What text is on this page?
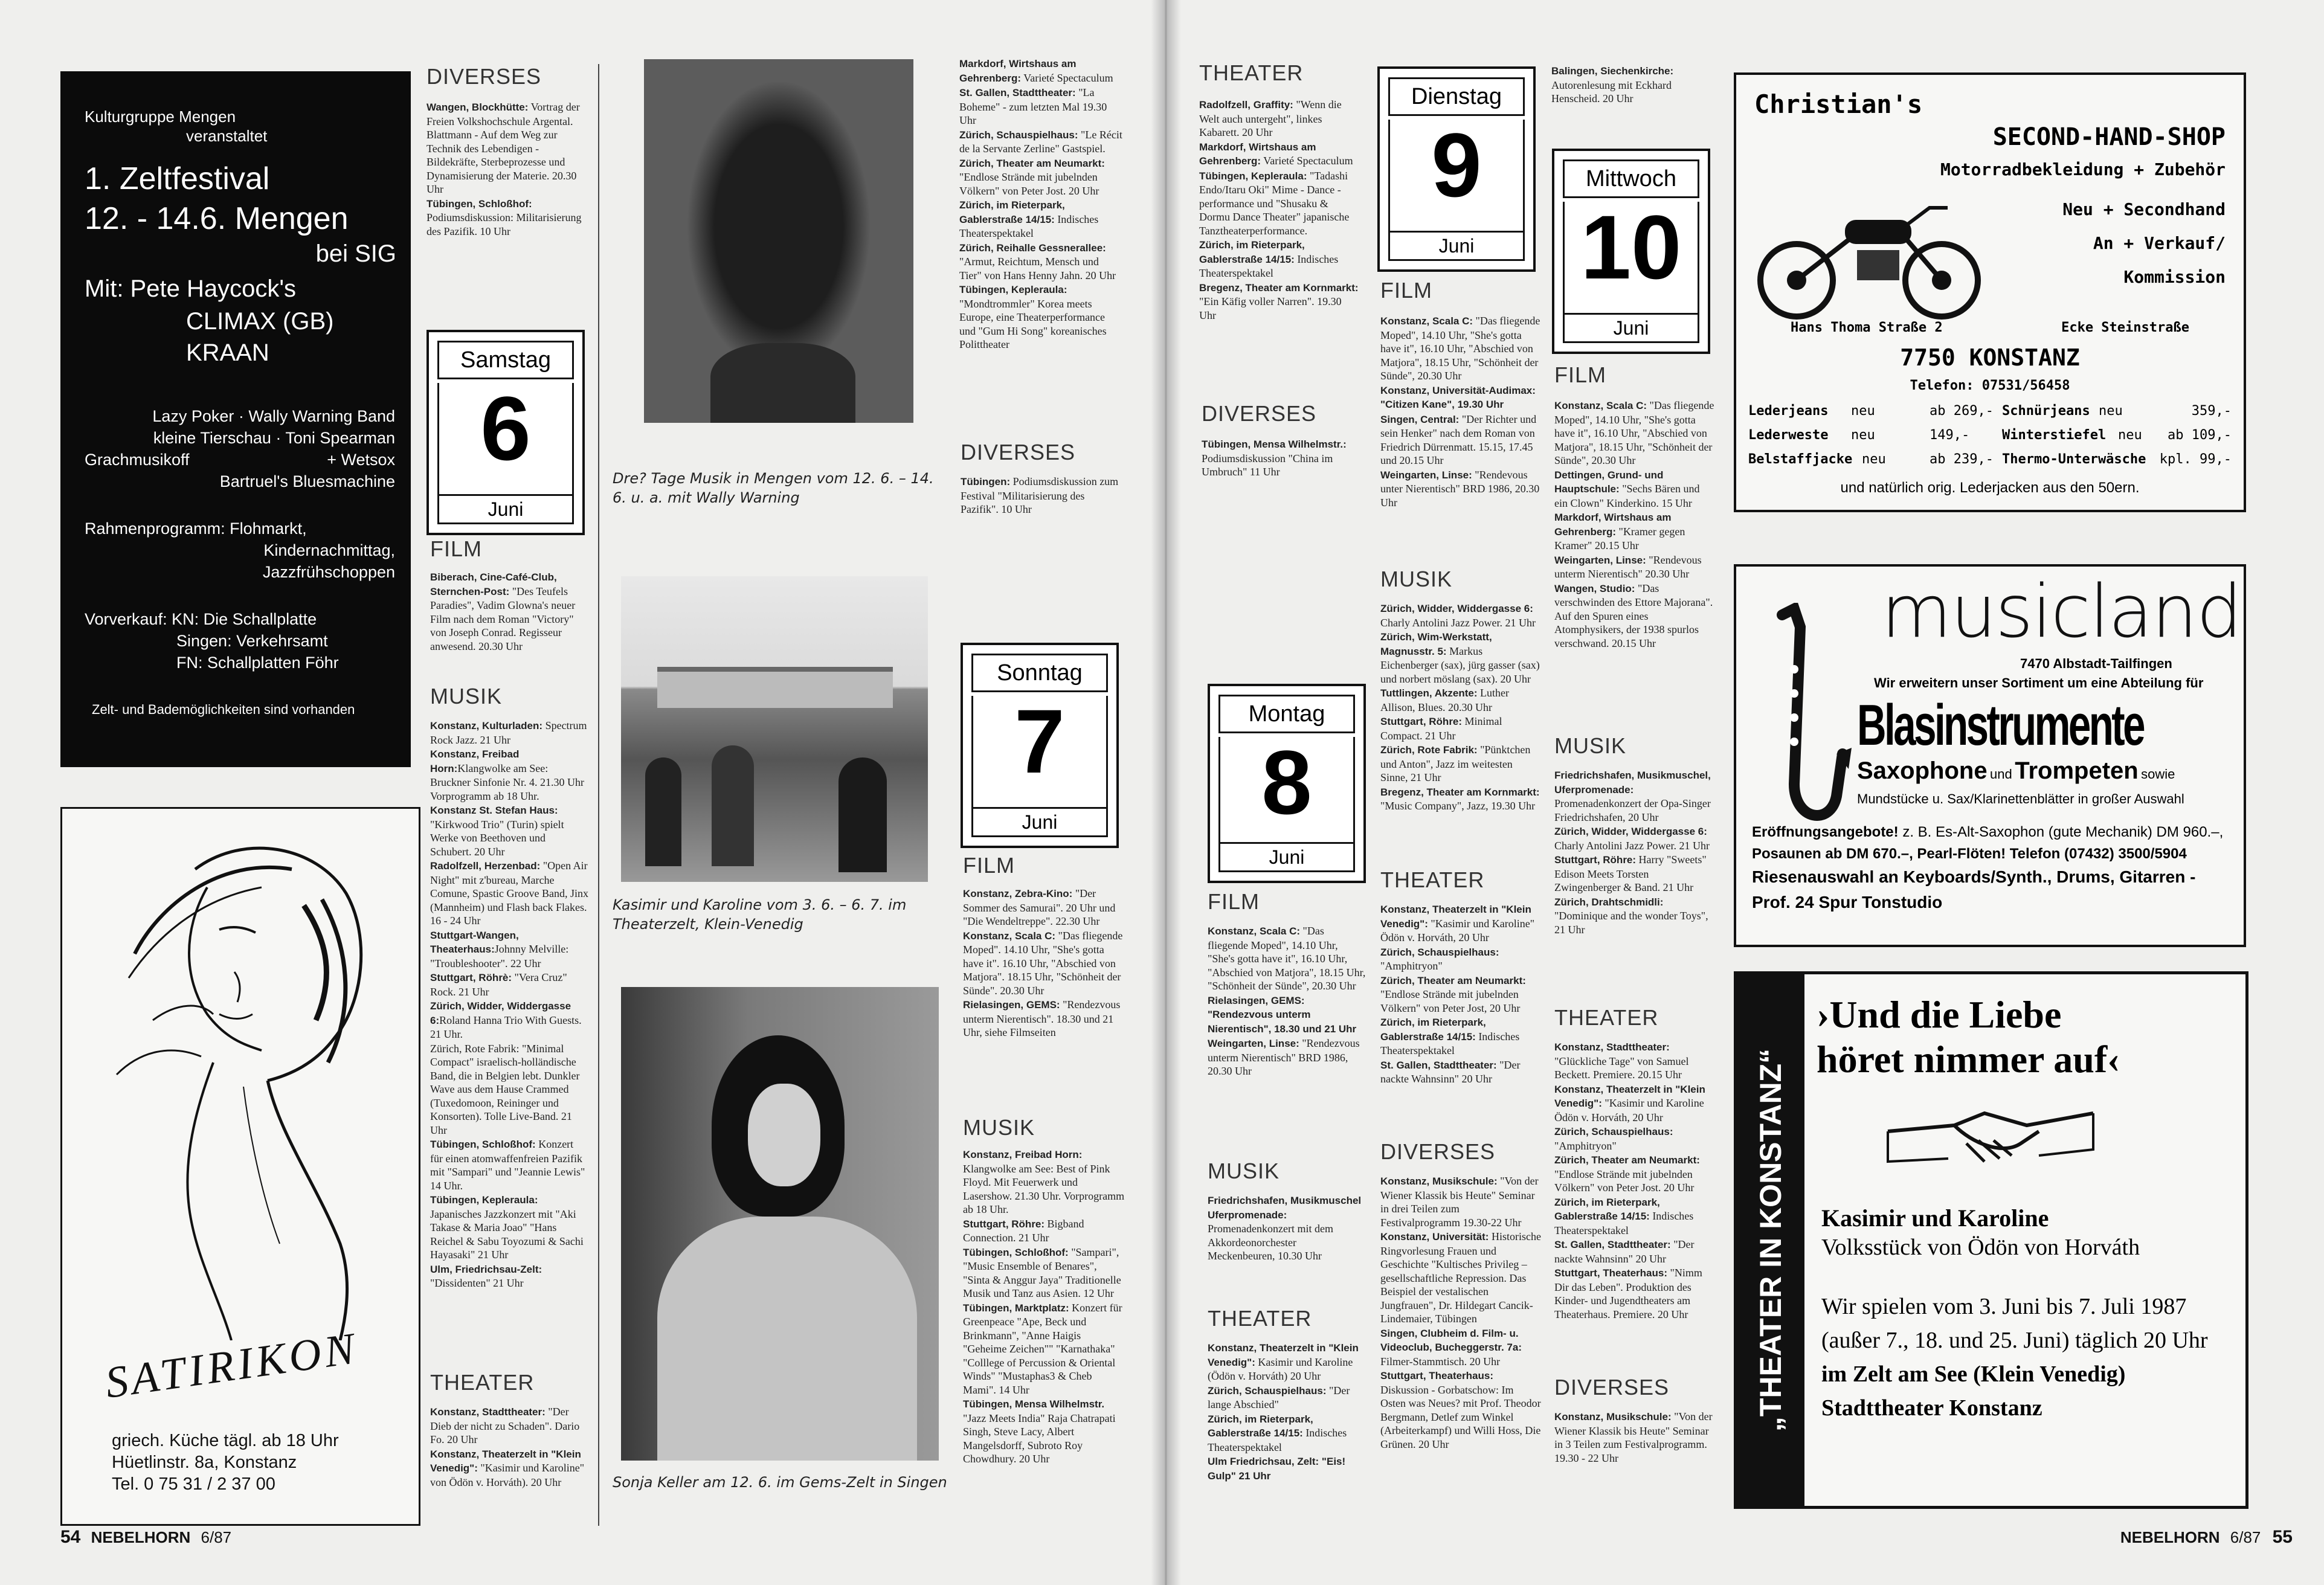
Kulturgruppe Mengen
veranstaltet
1. Zeltfestival
12. - 14.6. Mengen
bei SIG
Mit: Pete Haycock's
CLIMAX (GB)
KRAAN
Lazy Poker · Wally Warning Band
kleine Tierschau · Toni Spearman
Grachmusikoff	+ Wetsox
Bartruel's Bluesmachine
Rahmenprogramm: Flohmarkt,
Kindernachmittag,
Jazzfrühschoppen
Vorverkauf: KN: Die Schallplatte
Singen: Verkehrsamt
FN: Schallplatten Föhr
Zelt- und Bademöglichkeiten sind vorhanden
SATIRIKON
griech. Küche tägl. ab 18 Uhr
Hüetlinstr. 8a, Konstanz
Tel. 0 75 31 / 2 37 00
DIVERSES
Wangen, Blockhütte: Vortrag der Freien Volkshochschule Argental. Blattmann - Auf dem Weg zur Technik des Lebendigen - Bildekräfte, Sterbeprozesse und Dynamisierung der Materie. 20.30 Uhr
Tübingen, Schloßhof: Podiumsdiskussion: Militarisierung des Pazifik. 10 Uhr
Samstag
6
Juni
FILM
Biberach, Cine-Café-Club, Sternchen-Post: "Des Teufels Paradies", Vadim Glowna's neuer Film nach dem Roman "Victory" von Joseph Conrad. Regisseur anwesend. 20.30 Uhr
MUSIK
Konstanz, Kulturladen: Spectrum Rock Jazz. 21 Uhr
Konstanz, Freibad Horn:Klangwolke am See: Bruckner Sinfonie Nr. 4. 21.30 Uhr Vorprogramm ab 18 Uhr.
Konstanz St. Stefan Haus: "Kirkwood Trio" (Turin) spielt Werke von Beethoven und Schubert. 20 Uhr
Radolfzell, Herzenbad: "Open Air Night" mit z'bureau, Marche Comune, Spastic Groove Band, Jinx (Mannheim) und Flash back Flakes. 16 - 24 Uhr
Stuttgart-Wangen, Theaterhaus:Johnny Melville: "Troubleshooter". 22 Uhr
Stuttgart, Röhrè: "Vera Cruz" Rock. 21 Uhr
Zürich, Widder, Widdergasse 6:Roland Hanna Trio With Guests. 21 Uhr.
Zürich, Rote Fabrik: "Minimal Compact" israelisch-holländische Band, die in Belgien lebt. Dunkler Wave aus dem Hause Crammed (Tuxedomoon, Reininger und Konsorten). Tolle Live-Band. 21 Uhr
Tübingen, Schloßhof: Konzert für einen atomwaffenfreien Pazifik mit "Sampari" und "Jeannie Lewis" 14 Uhr.
Tübingen, Kepleraula: Japanisches Jazzkonzert mit "Aki Takase & Maria Joao" "Hans Reichel & Sabu Toyozumi & Sachi Hayasaki" 21 Uhr
Ulm, Friedrichsau-Zelt: "Dissidenten" 21 Uhr
THEATER
Konstanz, Stadttheater: "Der Dieb der nicht zu Schaden". Dario Fo. 20 Uhr
Konstanz, Theaterzelt in "Klein Venedig": "Kasimir und Karoline" von Ödön v. Horváth). 20 Uhr
Dre? Tage Musik in Mengen vom 12. 6. – 14. 6. u. a. mit Wally Warning
Kasimir und Karoline vom 3. 6. – 6. 7. im Theaterzelt, Klein-Venedig
Sonja Keller am 12. 6. im Gems-Zelt in Singen
Markdorf, Wirtshaus am Gehrenberg: Varieté Spectaculum
St. Gallen, Stadttheater: "La Boheme" - zum letzten Mal 19.30 Uhr
Zürich, Schauspielhaus: "Le Récit de la Servante Zerline" Gastspiel.
Zürich, Theater am Neumarkt: "Endlose Strände mit jubelnden Völkern" von Peter Jost. 20 Uhr
Zürich, im Rieterpark, Gablerstraße 14/15: Indisches Theaterspektakel
Zürich, Reihalle Gessnerallee: "Armut, Reichtum, Mensch und Tier" von Hans Henny Jahn. 20 Uhr
Tübingen, Kepleraula: "Mondtrommler" Korea meets Europe, eine Theaterperformance und "Gum Hi Song" koreanisches Polittheater
DIVERSES
Tübingen: Podiumsdiskussion zum Festival "Militarisierung des Pazifik". 10 Uhr
Sonntag
7
Juni
FILM
Konstanz, Zebra-Kino: "Der Sommer des Samurai". 20 Uhr und "Die Wendeltreppe". 22.30 Uhr
Konstanz, Scala C: "Das fliegende Moped". 14.10 Uhr, "She's gotta have it". 16.10 Uhr, "Abschied von Matjora". 18.15 Uhr, "Schönheit der Sünde". 20.30 Uhr
Rielasingen, GEMS: "Rendezvous unterm Nierentisch". 18.30 und 21 Uhr, siehe Filmseiten
MUSIK
Konstanz, Freibad Horn: Klangwolke am See: Best of Pink Floyd. Mit Feuerwerk und Lasershow. 21.30 Uhr. Vorprogramm ab 18 Uhr.
Stuttgart, Röhre: Bigband Connection. 21 Uhr
Tübingen, Schloßhof: "Sampari", "Music Ensemble of Benares", "Sinta & Anggur Jaya" Traditionelle Musik und Tanz aus Asien. 12 Uhr
Tübingen, Marktplatz: Konzert für Greenpeace "Ape, Beck und Brinkmann", "Anne Haigis "Geheime Zeichen"" "Karnathaka" "Colllege of Percussion & Oriental Winds" "Mustaphas3 & Cheb Mami". 14 Uhr
Tübingen, Mensa Wilhelmstr. "Jazz Meets India" Raja Chatrapati Singh, Steve Lacy, Albert Mangelsdorff, Subroto Roy Chowdhury. 20 Uhr
54 NEBELHORN 6/87
THEATER
Radolfzell, Graffity: "Wenn die Welt auch untergeht", linkes Kabarett. 20 Uhr
Markdorf, Wirtshaus am Gehrenberg: Varieté Spectaculum
Tübingen, Kepleraula: "Tadashi Endo/Itaru Oki" Mime - Dance - performance und "Shusaku & Dormu Dance Theater" japanische Tanztheaterperformance.
Zürich, im Rieterpark, Gablerstraße 14/15: Indisches Theaterspektakel
Bregenz, Theater am Kornmarkt: "Ein Käfig voller Narren". 19.30 Uhr
DIVERSES
Tübingen, Mensa Wilhelmstr.: Podiumsdiskussion "China im Umbruch" 11 Uhr
Montag
8
Juni
FILM
Konstanz, Scala C: "Das fliegende Moped", 14.10 Uhr, "She's gotta have it", 16.10 Uhr, "Abschied von Matjora", 18.15 Uhr, "Schönheit der Sünde", 20.30 Uhr
Rielasingen, GEMS: "Rendezvous unterm Nierentisch", 18.30 und 21 Uhr
Weingarten, Linse: "Rendezvous unterm Nierentisch" BRD 1986, 20.30 Uhr
MUSIK
Friedrichshafen, Musikmuschel Uferpromenade: Promenadenkonzert mit dem Akkordeonorchester Meckenbeuren, 10.30 Uhr
THEATER
Konstanz, Theaterzelt in "Klein Venedig": Kasimir und Karoline (Ödön v. Horváth) 20 Uhr
Zürich, Schauspielhaus: "Der lange Abschied"
Zürich, im Rieterpark, Gablerstraße 14/15: Indisches Theaterspektakel
Ulm Friedrichsau, Zelt: "Eis! Gulp" 21 Uhr
Dienstag
9
Juni
Balingen, Siechenkirche: Autorenlesung mit Eckhard Henscheid. 20 Uhr
FILM
Konstanz, Scala C: "Das fliegende Moped", 14.10 Uhr, "She's gotta have it", 16.10 Uhr, "Abschied von Matjora", 18.15 Uhr, "Schönheit der Sünde", 20.30 Uhr
Konstanz, Universität-Audimax: "Citizen Kane", 19.30 Uhr
Singen, Central: "Der Richter und sein Henker" nach dem Roman von Friedrich Dürrenmatt. 15.15, 17.45 und 20.15 Uhr
Weingarten, Linse: "Rendevous unter Nierentisch" BRD 1986, 20.30 Uhr
MUSIK
Zürich, Widder, Widdergasse 6: Charly Antolini Jazz Power. 21 Uhr
Zürich, Wim-Werkstatt, Magnusstr. 5: Markus Eichenberger (sax), jürg gasser (sax) und norbert möslang (sax). 20 Uhr
Tuttlingen, Akzente: Luther Allison, Blues. 20.30 Uhr
Stuttgart, Röhre: Minimal Compact. 21 Uhr
Zürich, Rote Fabrik: "Pünktchen und Anton", Jazz im weitesten Sinne, 21 Uhr
Bregenz, Theater am Kornmarkt: "Music Company", Jazz, 19.30 Uhr
THEATER
Konstanz, Theaterzelt in "Klein Venedig": "Kasimir und Karoline" Ödön v. Horváth, 20 Uhr
Zürich, Schauspielhaus: "Amphitryon"
Zürich, Theater am Neumarkt: "Endlose Strände mit jubelnden Völkern" von Peter Jost, 20 Uhr
Zürich, im Rieterpark, Gablerstraße 14/15: Indisches Theaterspektakel
St. Gallen, Stadttheater: "Der nackte Wahnsinn" 20 Uhr
DIVERSES
Konstanz, Musikschule: "Von der Wiener Klassik bis Heute" Seminar in drei Teilen zum Festivalprogramm 19.30-22 Uhr
Konstanz, Universität: Historische Ringvorlesung Frauen und Geschichte "Kultisches Privileg – gesellschaftliche Repression. Das Beispiel der vestalischen Jungfrauen", Dr. Hildegart Cancik-Lindemaier, Tübingen
Singen, Clubheim d. Film- u. Videoclub, Bucheggerstr. 7a: Filmer-Stammtisch. 20 Uhr
Stuttgart, Theaterhaus: Diskussion - Gorbatschow: Im Osten was Neues? mit Prof. Theodor Bergmann, Detlef zum Winkel (Arbeiterkampf) und Willi Hoss, Die Grünen. 20 Uhr
Mittwoch
10
Juni
FILM
Konstanz, Scala C: "Das fliegende Moped", 14.10 Uhr, "She's gotta have it", 16.10 Uhr, "Abschied von Matjora", 18.15 Uhr, "Schönheit der Sünde", 20.30 Uhr
Dettingen, Grund- und Hauptschule: "Sechs Bären und ein Clown" Kinderkino. 15 Uhr
Markdorf, Wirtshaus am Gehrenberg: "Kramer gegen Kramer" 20.15 Uhr
Weingarten, Linse: "Rendevous unterm Nierentisch" 20.30 Uhr
Wangen, Studio: "Das verschwinden des Ettore Majorana". Auf den Spuren eines Atomphysikers, der 1938 spurlos verschwand. 20.15 Uhr
MUSIK
Friedrichshafen, Musikmuschel, Uferpromenade: Promenadenkonzert der Opa-Singer Friedrichshafen, 20 Uhr
Zürich, Widder, Widdergasse 6: Charly Antolini Jazz Power. 21 Uhr
Stuttgart, Röhre: Harry "Sweets" Edison Meets Torsten Zwingenberger & Band. 21 Uhr
Zürich, Drahtschmidli: "Dominique and the wonder Toys", 21 Uhr
THEATER
Konstanz, Stadttheater: "Glückliche Tage" von Samuel Beckett. Premiere. 20.15 Uhr
Konstanz, Theaterzelt in "Klein Venedig": "Kasimir und Karoline Ödön v. Horváth, 20 Uhr
Zürich, Schauspielhaus: "Amphitryon"
Zürich, Theater am Neumarkt: "Endlose Strände mit jubelnden Völkern" von Peter Jost. 20 Uhr
Zürich, im Rieterpark, Gablerstraße 14/15: Indisches Theaterspektakel
St. Gallen, Stadttheater: "Der nackte Wahnsinn" 20 Uhr
Stuttgart, Theaterhaus: "Nimm Dir das Leben". Produktion des Kinder- und Jugendtheaters am Theaterhaus. Premiere. 20 Uhr
DIVERSES
Konstanz, Musikschule: "Von der Wiener Klassik bis Heute" Seminar in 3 Teilen zum Festivalprogramm. 19.30 - 22 Uhr
Christian's
SECOND-HAND-SHOP
Motorradbekleidung + Zubehör
Neu + Secondhand
An + Verkauf/
Kommission
Hans Thoma Straße 2	Ecke Steinstraße
7750 KONSTANZ
Telefon: 07531/56458
Lederjeans neu	ab 269,- Schnürjeans neu	359,-
Lederweste neu	149,- Winterstiefel neu ab 109,-
Belstaffjacke neu	ab 239,- Thermo-Unterwäsche kpl. 99,-
und natürlich orig. Lederjacken aus den 50ern.
musicland
7470 Albstadt-Tailfingen
Wir erweitern unser Sortiment um eine Abteilung für
Blasinstrumente
Saxophone und Trompeten sowie
Mundstücke u. Sax/Klarinettenblätter in großer Auswahl
Eröffnungsangebote! z. B. Es-Alt-Saxophon (gute Mechanik) DM 960.–,
Posaunen ab DM 670.–, Pearl-Flöten! Telefon (07432) 3500/5904
Riesenauswahl an Keyboards/Synth., Drums, Gitarren -
Prof. 24 Spur Tonstudio
„THEATER IN KONSTANZ“
›Und die Liebe
höret nimmer auf‹
Kasimir und Karoline
Volksstück von Ödön von Horváth
Wir spielen vom 3. Juni bis 7. Juli 1987
(außer 7., 18. und 25. Juni) täglich 20 Uhr
im Zelt am See (Klein Venedig)
Stadttheater Konstanz
NEBELHORN 6/87 55
